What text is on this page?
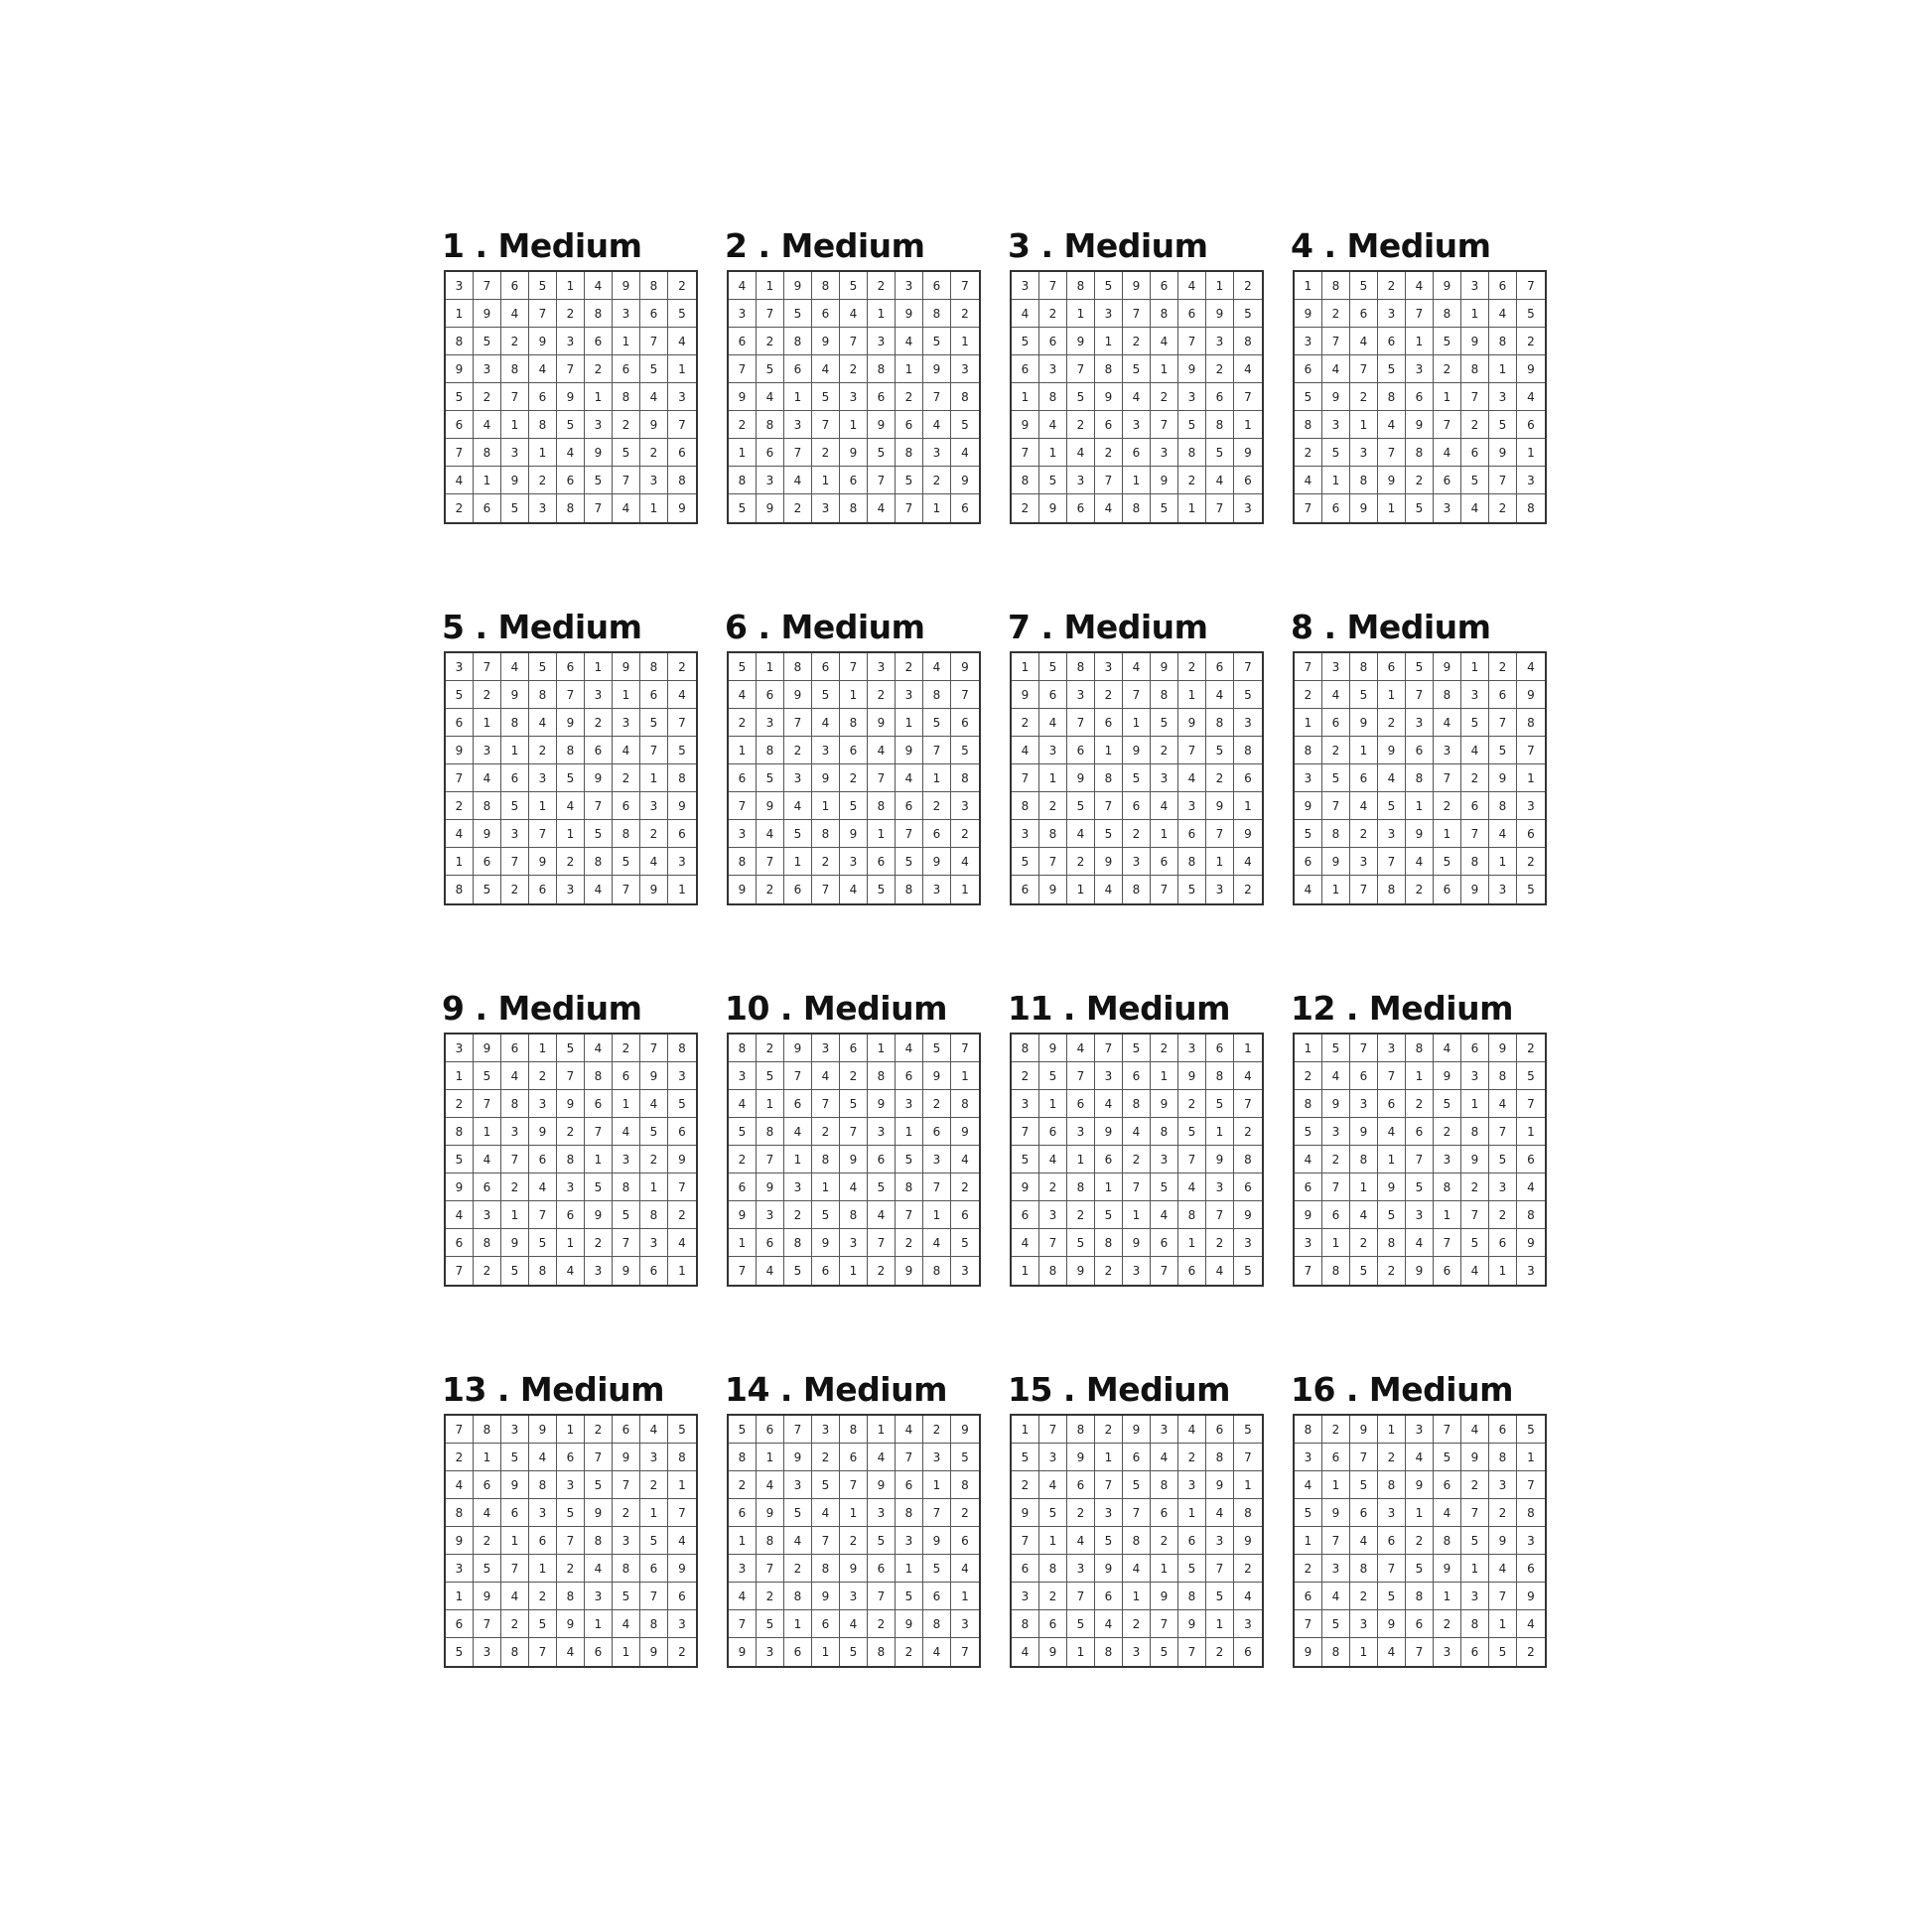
1 . Medium
3	7	6	5	1	4	9	8	2
1	9	4	7	2	8	3	6	5
8	5	2	9	3	6	1	7	4
9	3	8	4	7	2	6	5	1
5	2	7	6	9	1	8	4	3
6	4	1	8	5	3	2	9	7
7	8	3	1	4	9	5	2	6
4	1	9	2	6	5	7	3	8
2	6	5	3	8	7	4	1	9
2 . Medium
4	1	9	8	5	2	3	6	7
3	7	5	6	4	1	9	8	2
6	2	8	9	7	3	4	5	1
7	5	6	4	2	8	1	9	3
9	4	1	5	3	6	2	7	8
2	8	3	7	1	9	6	4	5
1	6	7	2	9	5	8	3	4
8	3	4	1	6	7	5	2	9
5	9	2	3	8	4	7	1	6
3 . Medium
3	7	8	5	9	6	4	1	2
4	2	1	3	7	8	6	9	5
5	6	9	1	2	4	7	3	8
6	3	7	8	5	1	9	2	4
1	8	5	9	4	2	3	6	7
9	4	2	6	3	7	5	8	1
7	1	4	2	6	3	8	5	9
8	5	3	7	1	9	2	4	6
2	9	6	4	8	5	1	7	3
4 . Medium
1	8	5	2	4	9	3	6	7
9	2	6	3	7	8	1	4	5
3	7	4	6	1	5	9	8	2
6	4	7	5	3	2	8	1	9
5	9	2	8	6	1	7	3	4
8	3	1	4	9	7	2	5	6
2	5	3	7	8	4	6	9	1
4	1	8	9	2	6	5	7	3
7	6	9	1	5	3	4	2	8
5 . Medium
3	7	4	5	6	1	9	8	2
5	2	9	8	7	3	1	6	4
6	1	8	4	9	2	3	5	7
9	3	1	2	8	6	4	7	5
7	4	6	3	5	9	2	1	8
2	8	5	1	4	7	6	3	9
4	9	3	7	1	5	8	2	6
1	6	7	9	2	8	5	4	3
8	5	2	6	3	4	7	9	1
6 . Medium
5	1	8	6	7	3	2	4	9
4	6	9	5	1	2	3	8	7
2	3	7	4	8	9	1	5	6
1	8	2	3	6	4	9	7	5
6	5	3	9	2	7	4	1	8
7	9	4	1	5	8	6	2	3
3	4	5	8	9	1	7	6	2
8	7	1	2	3	6	5	9	4
9	2	6	7	4	5	8	3	1
7 . Medium
1	5	8	3	4	9	2	6	7
9	6	3	2	7	8	1	4	5
2	4	7	6	1	5	9	8	3
4	3	6	1	9	2	7	5	8
7	1	9	8	5	3	4	2	6
8	2	5	7	6	4	3	9	1
3	8	4	5	2	1	6	7	9
5	7	2	9	3	6	8	1	4
6	9	1	4	8	7	5	3	2
8 . Medium
7	3	8	6	5	9	1	2	4
2	4	5	1	7	8	3	6	9
1	6	9	2	3	4	5	7	8
8	2	1	9	6	3	4	5	7
3	5	6	4	8	7	2	9	1
9	7	4	5	1	2	6	8	3
5	8	2	3	9	1	7	4	6
6	9	3	7	4	5	8	1	2
4	1	7	8	2	6	9	3	5
9 . Medium
3	9	6	1	5	4	2	7	8
1	5	4	2	7	8	6	9	3
2	7	8	3	9	6	1	4	5
8	1	3	9	2	7	4	5	6
5	4	7	6	8	1	3	2	9
9	6	2	4	3	5	8	1	7
4	3	1	7	6	9	5	8	2
6	8	9	5	1	2	7	3	4
7	2	5	8	4	3	9	6	1
10 . Medium
8	2	9	3	6	1	4	5	7
3	5	7	4	2	8	6	9	1
4	1	6	7	5	9	3	2	8
5	8	4	2	7	3	1	6	9
2	7	1	8	9	6	5	3	4
6	9	3	1	4	5	8	7	2
9	3	2	5	8	4	7	1	6
1	6	8	9	3	7	2	4	5
7	4	5	6	1	2	9	8	3
11 . Medium
8	9	4	7	5	2	3	6	1
2	5	7	3	6	1	9	8	4
3	1	6	4	8	9	2	5	7
7	6	3	9	4	8	5	1	2
5	4	1	6	2	3	7	9	8
9	2	8	1	7	5	4	3	6
6	3	2	5	1	4	8	7	9
4	7	5	8	9	6	1	2	3
1	8	9	2	3	7	6	4	5
12 . Medium
1	5	7	3	8	4	6	9	2
2	4	6	7	1	9	3	8	5
8	9	3	6	2	5	1	4	7
5	3	9	4	6	2	8	7	1
4	2	8	1	7	3	9	5	6
6	7	1	9	5	8	2	3	4
9	6	4	5	3	1	7	2	8
3	1	2	8	4	7	5	6	9
7	8	5	2	9	6	4	1	3
13 . Medium
7	8	3	9	1	2	6	4	5
2	1	5	4	6	7	9	3	8
4	6	9	8	3	5	7	2	1
8	4	6	3	5	9	2	1	7
9	2	1	6	7	8	3	5	4
3	5	7	1	2	4	8	6	9
1	9	4	2	8	3	5	7	6
6	7	2	5	9	1	4	8	3
5	3	8	7	4	6	1	9	2
14 . Medium
5	6	7	3	8	1	4	2	9
8	1	9	2	6	4	7	3	5
2	4	3	5	7	9	6	1	8
6	9	5	4	1	3	8	7	2
1	8	4	7	2	5	3	9	6
3	7	2	8	9	6	1	5	4
4	2	8	9	3	7	5	6	1
7	5	1	6	4	2	9	8	3
9	3	6	1	5	8	2	4	7
15 . Medium
1	7	8	2	9	3	4	6	5
5	3	9	1	6	4	2	8	7
2	4	6	7	5	8	3	9	1
9	5	2	3	7	6	1	4	8
7	1	4	5	8	2	6	3	9
6	8	3	9	4	1	5	7	2
3	2	7	6	1	9	8	5	4
8	6	5	4	2	7	9	1	3
4	9	1	8	3	5	7	2	6
16 . Medium
8	2	9	1	3	7	4	6	5
3	6	7	2	4	5	9	8	1
4	1	5	8	9	6	2	3	7
5	9	6	3	1	4	7	2	8
1	7	4	6	2	8	5	9	3
2	3	8	7	5	9	1	4	6
6	4	2	5	8	1	3	7	9
7	5	3	9	6	2	8	1	4
9	8	1	4	7	3	6	5	2
